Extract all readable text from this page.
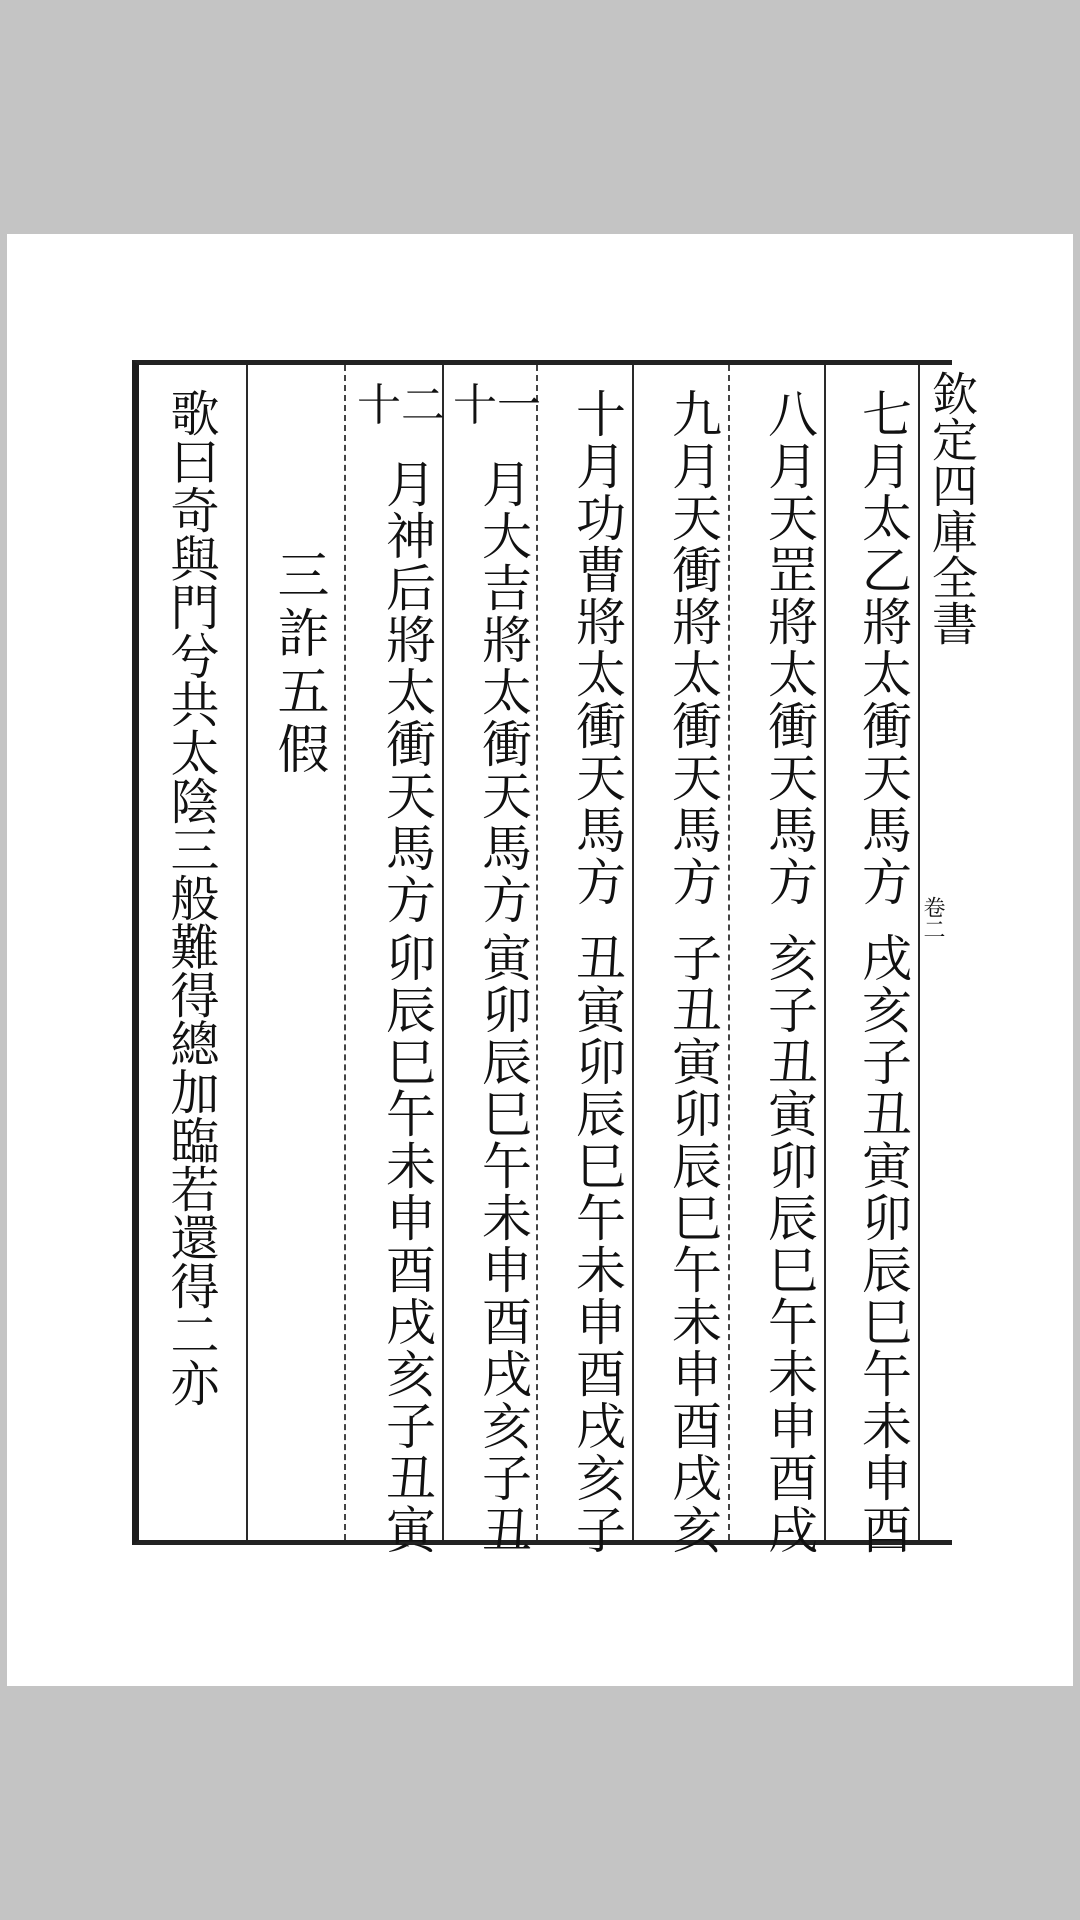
欽定四庫全書
卷二
七月太乙將太衝天馬方
戌亥子丑寅卯辰巳午未申酉
八月天罡將太衝天馬方
亥子丑寅卯辰巳午未申酉戌
九月天衝將太衝天馬方
子丑寅卯辰巳午未申酉戌亥
十月功曹將太衝天馬方
丑寅卯辰巳午未申酉戌亥子
十一
月大吉將太衝天馬方
寅卯辰巳午未申酉戌亥子丑
十二
月神后將太衝天馬方
卯辰巳午未申酉戌亥子丑寅
三詐五假
歌曰奇與門兮共太陰三般難得總加臨若還得二亦
